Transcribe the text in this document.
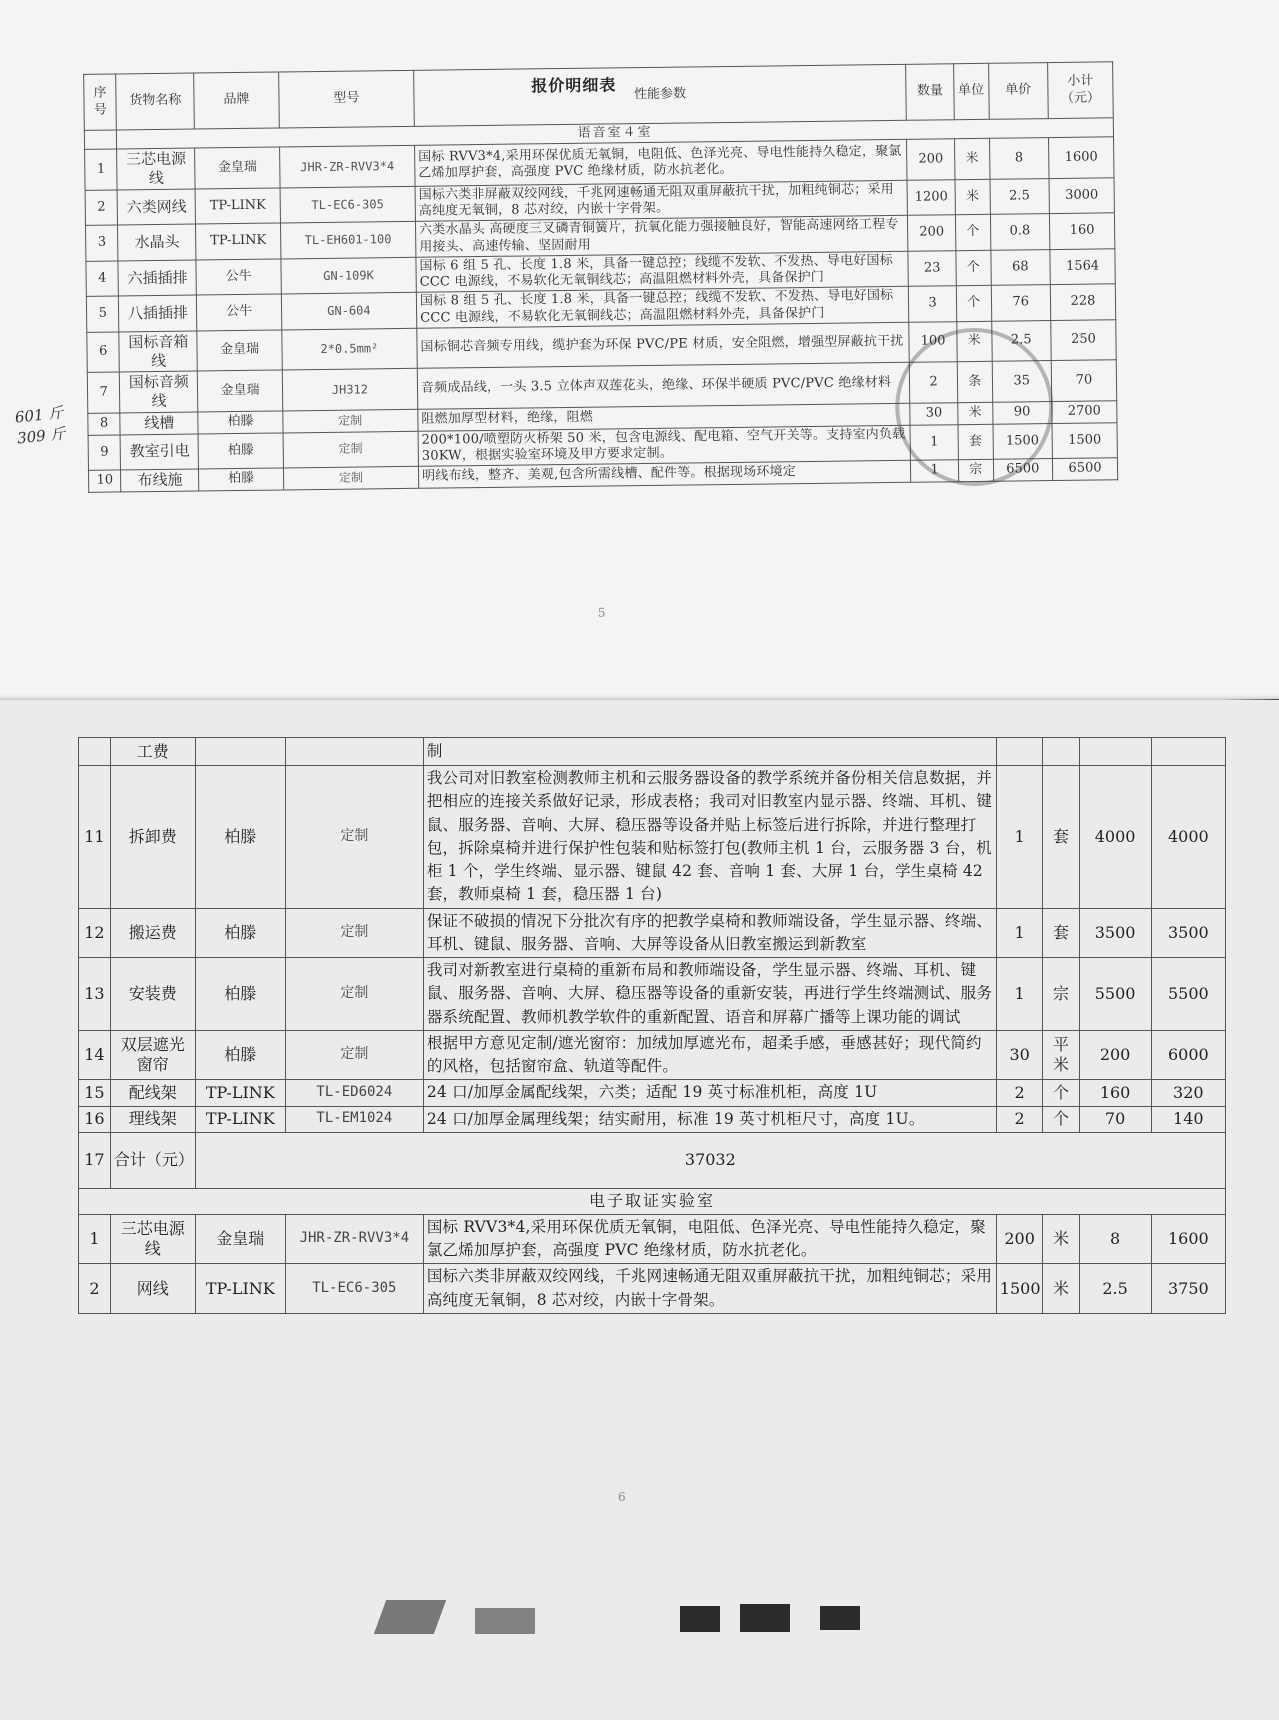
报价明细表
序号	货物名称	品牌	型号	性能参数	数量	单位	单价	小计（元）
	语音室４室							
1	三芯电源线	金皇瑞	JHR-ZR-RVV3*4	国标 RVV3*4,采用环保优质无氧铜，电阻低、色泽光亮、导电性能持久稳定，聚氯乙烯加厚护套，高强度 PVC 绝缘材质，防水抗老化。	200	米	8	1600
2	六类网线	TP-LINK	TL-EC6-305	国标六类非屏蔽双绞网线，千兆网速畅通无阻双重屏蔽抗干扰，加粗纯铜芯；采用高纯度无氧铜，8 芯对绞，内嵌十字骨架。	1200	米	2.5	3000
3	水晶头	TP-LINK	TL-EH601-100	六类水晶头 高硬度三叉磷青铜簧片，抗氧化能力强接触良好，智能高速网络工程专用接头、高速传输、坚固耐用	200	个	0.8	160
4	六插插排	公牛	GN-109K	国标 6 组 5 孔、长度 1.8 米，具备一键总控；线缆不发软、不发热、导电好国标 CCC 电源线，不易软化无氧铜线芯；高温阻燃材料外壳，具备保护门	23	个	68	1564
5	八插插排	公牛	GN-604	国标 8 组 5 孔、长度 1.8 米，具备一键总控；线缆不发软、不发热、导电好国标 CCC 电源线，不易软化无氧铜线芯；高温阻燃材料外壳，具备保护门	3	个	76	228
6	国标音箱线	金皇瑞	2*0.5mm²	国标铜芯音频专用线，缆护套为环保 PVC/PE 材质，安全阻燃，增强型屏蔽抗干扰	100	米	2.5	250
7	国标音频线	金皇瑞	JH312	音频成品线，一头 3.5 立体声双莲花头，绝缘、环保半硬质 PVC/PVC 绝缘材料	2	条	35	70
8	线槽	柏滕	定制	阻燃加厚型材料，绝缘，阻燃	30	米	90	2700
9	教室引电	柏滕	定制	200*100/喷塑防火桥架 50 米，包含电源线、配电箱、空气开关等。支持室内负载 30KW，根据实验室环境及甲方要求定制。	1	套	1500	1500
10	布线施	柏滕	定制	明线布线，整齐、美观,包含所需线槽、配件等。根据现场环境定	1	宗	6500	6500
5
601 斤
309 斤
	工费			制				
11	拆卸费	柏滕	定制	我公司对旧教室检测教师主机和云服务器设备的教学系统并备份相关信息数据，并把相应的连接关系做好记录，形成表格；我司对旧教室内显示器、终端、耳机、键鼠、服务器、音响、大屏、稳压器等设备并贴上标签后进行拆除，并进行整理打包，拆除桌椅并进行保护性包装和贴标签打包(教师主机 1 台，云服务器 3 台，机柜 1 个，学生终端、显示器、键鼠 42 套、音响 1 套、大屏 1 台，学生桌椅 42 套，教师桌椅 1 套，稳压器 1 台)	1	套	4000	4000
12	搬运费	柏滕	定制	保证不破损的情况下分批次有序的把教学桌椅和教师端设备，学生显示器、终端、耳机、键鼠、服务器、音响、大屏等设备从旧教室搬运到新教室	1	套	3500	3500
13	安装费	柏滕	定制	我司对新教室进行桌椅的重新布局和教师端设备，学生显示器、终端、耳机、键鼠、服务器、音响、大屏、稳压器等设备的重新安装，再进行学生终端测试、服务器系统配置、教师机教学软件的重新配置、语音和屏幕广播等上课功能的调试	1	宗	5500	5500
14	双层遮光窗帘	柏滕	定制	根据甲方意见定制/遮光窗帘：加绒加厚遮光布，超柔手感，垂感甚好；现代简约的风格，包括窗帘盒、轨道等配件。	30	平米	200	6000
15	配线架	TP-LINK	TL-ED6024	24 口/加厚金属配线架，六类；适配 19 英寸标准机柜，高度 1U	2	个	160	320
16	理线架	TP-LINK	TL-EM1024	24 口/加厚金属理线架；结实耐用，标准 19 英寸机柜尺寸，高度 1U。	2	个	70	140
17	合计（元）	37032						
电子取证实验室								
1	三芯电源线	金皇瑞	JHR-ZR-RVV3*4	国标 RVV3*4,采用环保优质无氧铜，电阻低、色泽光亮、导电性能持久稳定，聚氯乙烯加厚护套，高强度 PVC 绝缘材质，防水抗老化。	200	米	8	1600
2	网线	TP-LINK	TL-EC6-305	国标六类非屏蔽双绞网线，千兆网速畅通无阻双重屏蔽抗干扰，加粗纯铜芯；采用高纯度无氧铜，8 芯对绞，内嵌十字骨架。	1500	米	2.5	3750
6
